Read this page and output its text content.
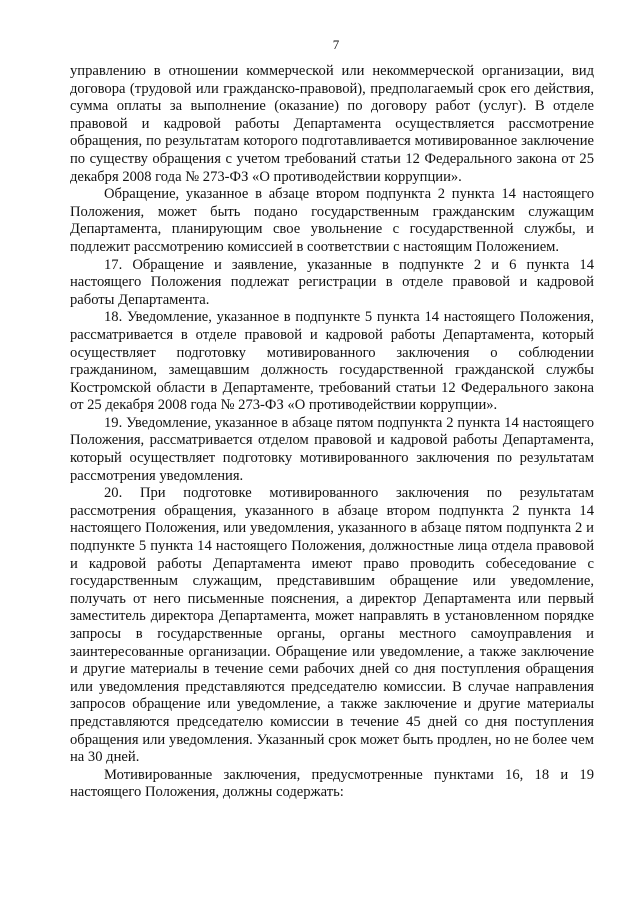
7

управлению в отношении коммерческой или некоммерческой организации, вид договора (трудовой или гражданско-правовой), предполагаемый срок его действия, сумма оплаты за выполнение (оказание) по договору работ (услуг). В отделе правовой и кадровой работы Департамента осуществляется рассмотрение обращения, по результатам которого подготавливается мотивированное заключение по существу обращения с учетом требований статьи 12 Федерального закона от 25 декабря 2008 года № 273-ФЗ «О противодействии коррупции».

Обращение, указанное в абзаце втором подпункта 2 пункта 14 настоящего Положения, может быть подано государственным гражданским служащим Департамента, планирующим свое увольнение с государственной службы, и подлежит рассмотрению комиссией в соответствии с настоящим Положением.

17. Обращение и заявление, указанные в подпункте 2 и 6 пункта 14 настоящего Положения подлежат регистрации в отделе правовой и кадровой работы Департамента.

18. Уведомление, указанное в подпункте 5 пункта 14 настоящего Положения, рассматривается в отделе правовой и кадровой работы Департамента, который осуществляет подготовку мотивированного заключения о соблюдении гражданином, замещавшим должность государственной гражданской службы Костромской области в Департаменте, требований статьи 12 Федерального закона от 25 декабря 2008 года № 273-ФЗ «О противодействии коррупции».

19. Уведомление, указанное в абзаце пятом подпункта 2 пункта 14 настоящего Положения, рассматривается отделом правовой и кадровой работы Департамента, который осуществляет подготовку мотивированного заключения по результатам рассмотрения уведомления.

20. При подготовке мотивированного заключения по результатам рассмотрения обращения, указанного в абзаце втором подпункта 2 пункта 14 настоящего Положения, или уведомления, указанного в абзаце пятом подпункта 2 и подпункте 5 пункта 14 настоящего Положения, должностные лица отдела правовой и кадровой работы Департамента имеют право проводить собеседование с государственным служащим, представившим обращение или уведомление, получать от него письменные пояснения, а директор Департамента или первый заместитель директора Департамента, может направлять в установленном порядке запросы в государственные органы, органы местного самоуправления и заинтересованные организации. Обращение или уведомление, а также заключение и другие материалы в течение семи рабочих дней со дня поступления обращения или уведомления представляются председателю комиссии. В случае направления запросов обращение или уведомление, а также заключение и другие материалы представляются председателю комиссии в течение 45 дней со дня поступления обращения или уведомления. Указанный срок может быть продлен, но не более чем на 30 дней.

Мотивированные заключения, предусмотренные пунктами 16, 18 и 19 настоящего Положения, должны содержать:
